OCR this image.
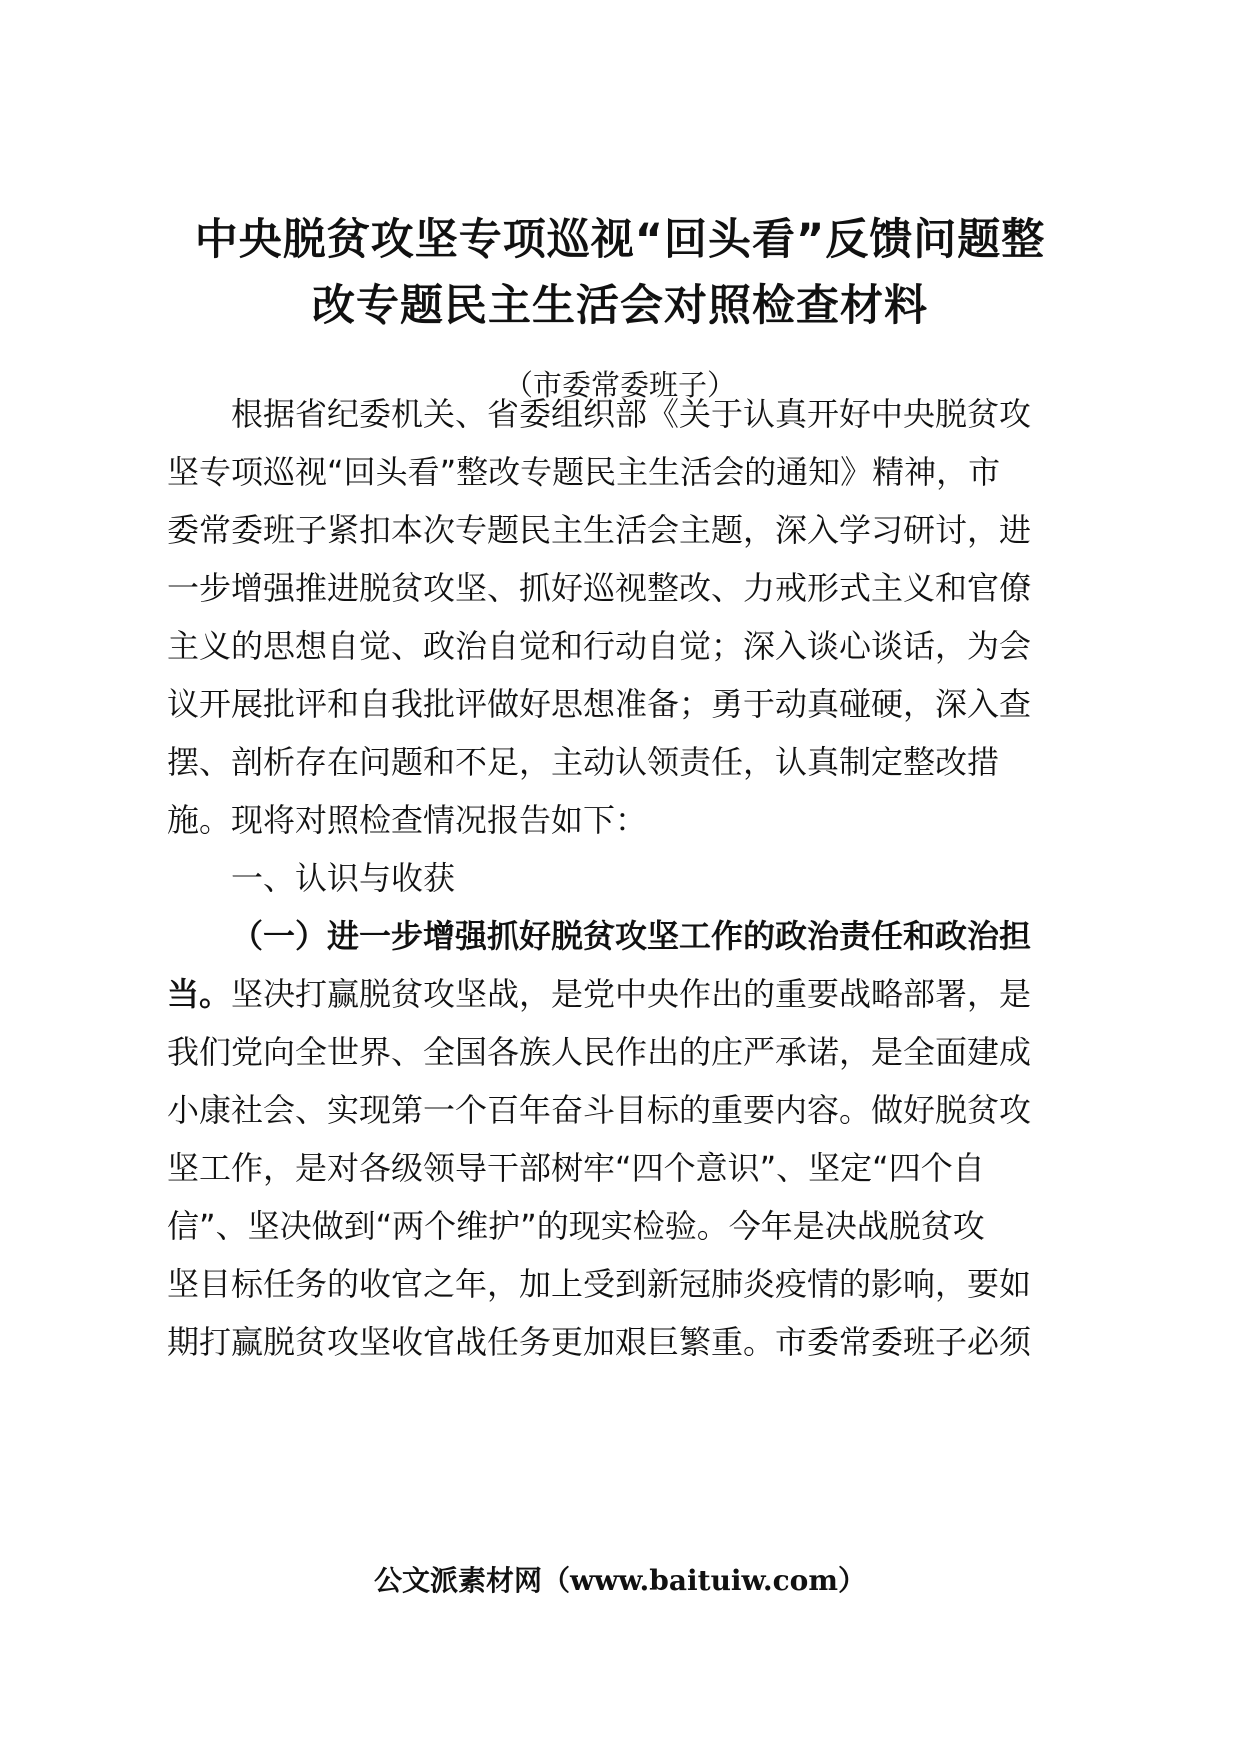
中央脱贫攻坚专项巡视“回头看”反馈问题整
改专题民主生活会对照检查材料
（市委常委班子）
根据省纪委机关、省委组织部《关于认真开好中央脱贫攻
坚专项巡视“回头看”整改专题民主生活会的通知》精神，市
委常委班子紧扣本次专题民主生活会主题，深入学习研讨，进
一步增强推进脱贫攻坚、抓好巡视整改、力戒形式主义和官僚
主义的思想自觉、政治自觉和行动自觉；深入谈心谈话，为会
议开展批评和自我批评做好思想准备；勇于动真碰硬，深入查
摆、剖析存在问题和不足，主动认领责任，认真制定整改措
施。现将对照检查情况报告如下：
一、认识与收获
（一）进一步增强抓好脱贫攻坚工作的政治责任和政治担
当。坚决打赢脱贫攻坚战，是党中央作出的重要战略部署，是
我们党向全世界、全国各族人民作出的庄严承诺，是全面建成
小康社会、实现第一个百年奋斗目标的重要内容。做好脱贫攻
坚工作，是对各级领导干部树牢“四个意识”、坚定“四个自
信”、坚决做到“两个维护”的现实检验。今年是决战脱贫攻
坚目标任务的收官之年，加上受到新冠肺炎疫情的影响，要如
期打赢脱贫攻坚收官战任务更加艰巨繁重。市委常委班子必须
公文派素材网（www.baituiw.com）
